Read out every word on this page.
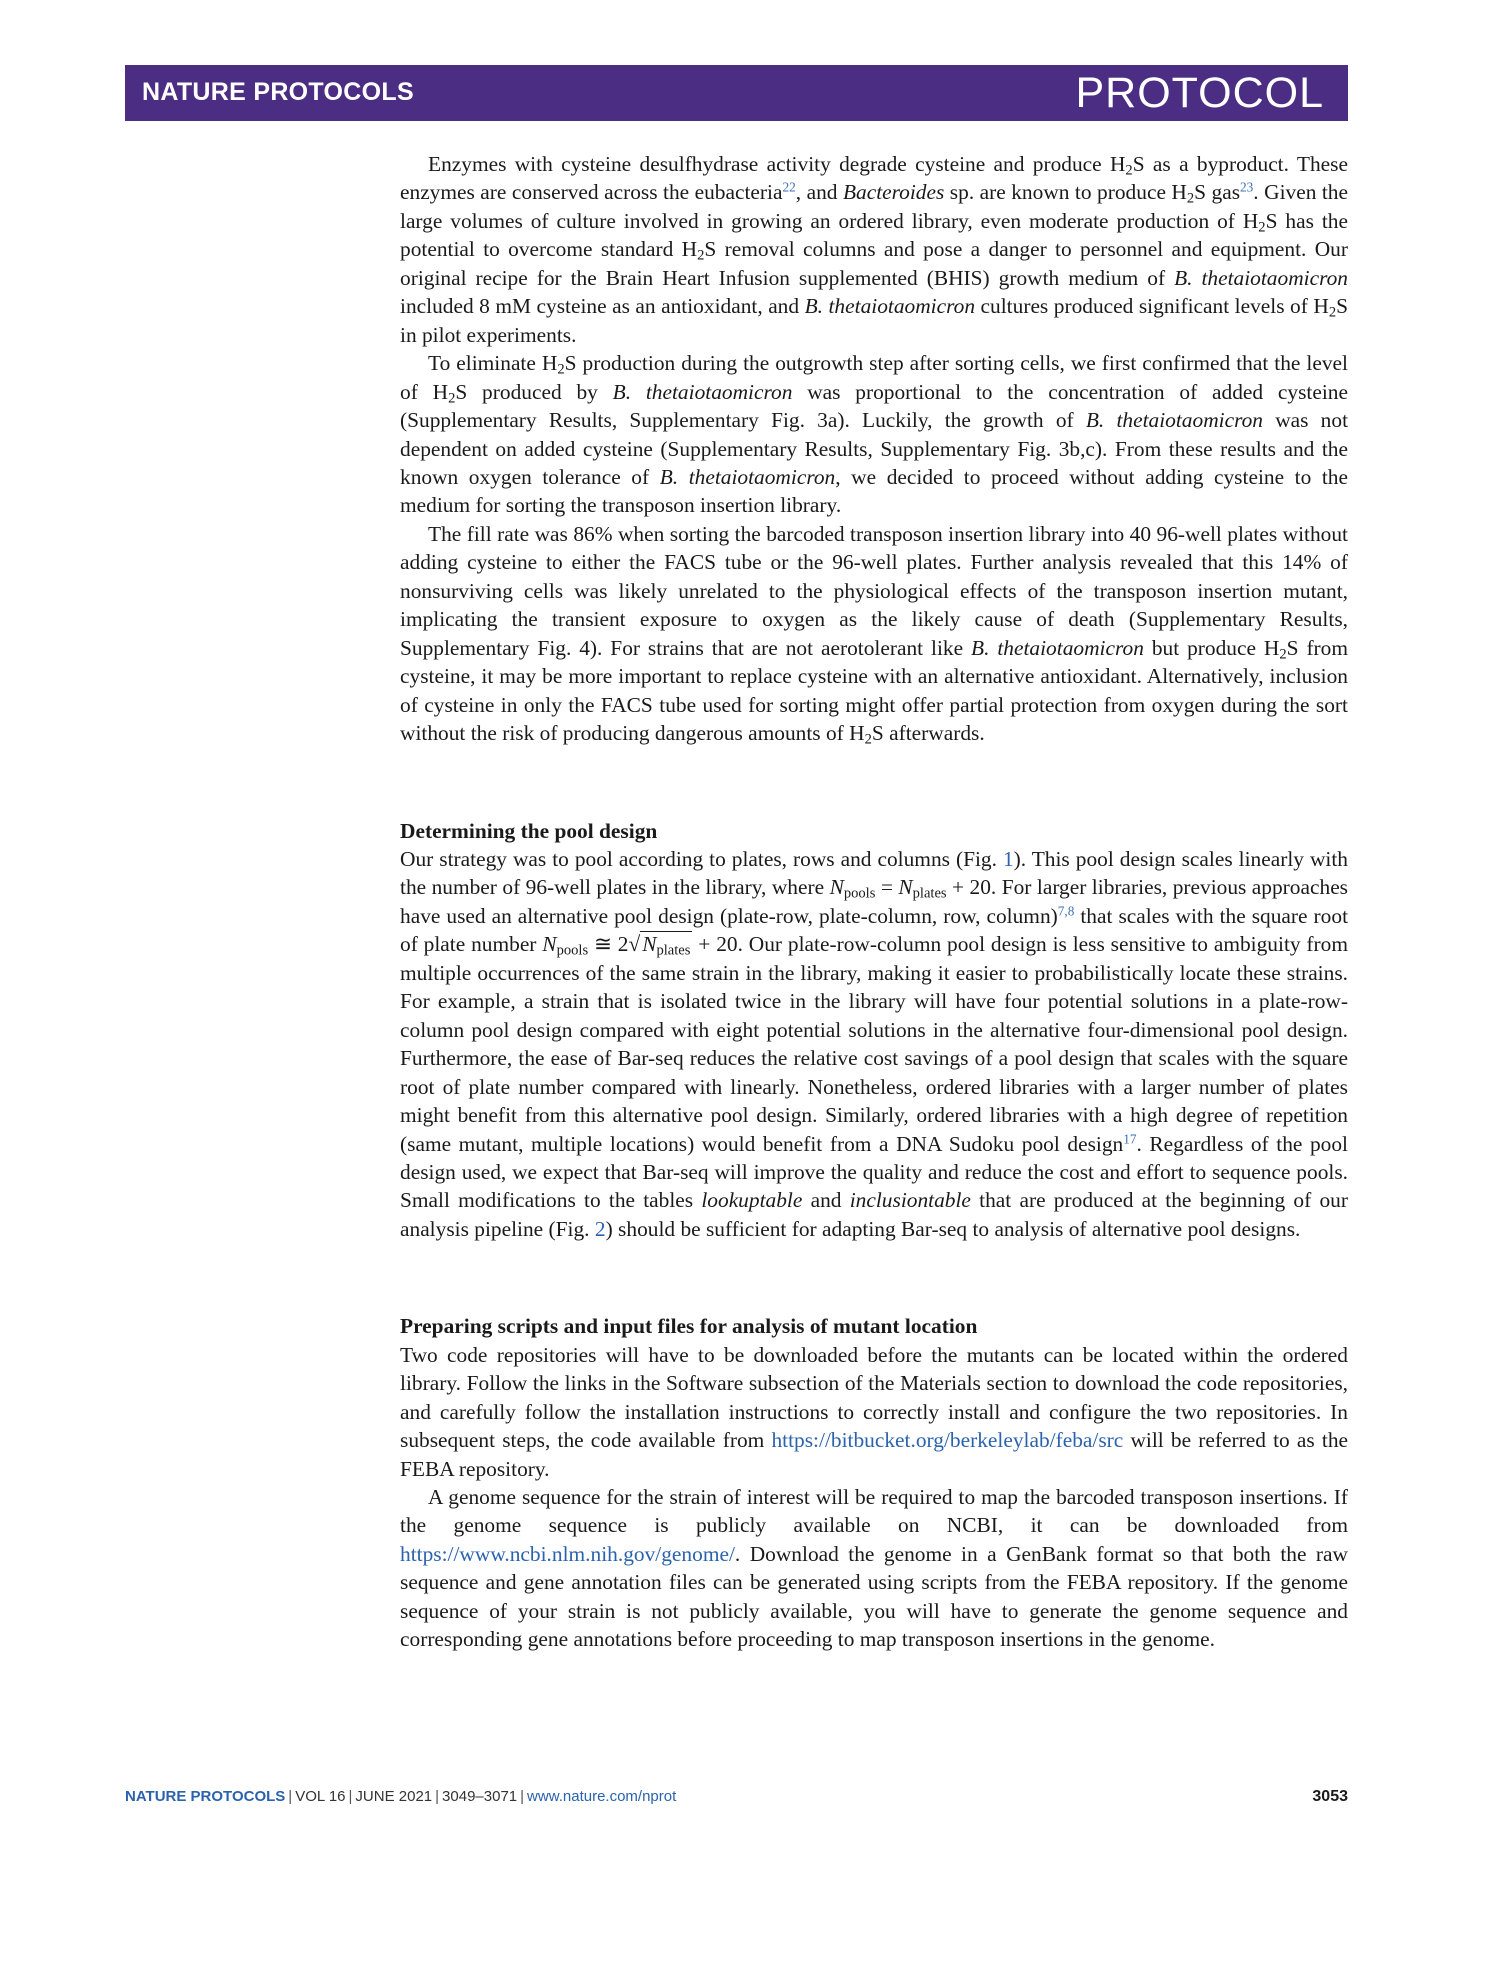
NATURE PROTOCOLS	PROTOCOL

Enzymes with cysteine desulfhydrase activity degrade cysteine and produce $H_2S$ as a byproduct. These enzymes are conserved across the eubacteria$^{22}$, and Bacteroides sp. are known to produce $H_2S$ gas$^{23}$. Given the large volumes of culture involved in growing an ordered library, even moderate production of $H_2S$ has the potential to overcome standard $H_2S$ removal columns and pose a danger to personnel and equipment. Our original recipe for the Brain Heart Infusion supplemented (BHIS) growth medium of B. thetaiotaomicron included 8 mM cysteine as an antioxidant, and B. thetaiotaomicron cultures produced significant levels of $H_2S$ in pilot experiments.

To eliminate $H_2S$ production during the outgrowth step after sorting cells, we first confirmed that the level of $H_2S$ produced by B. thetaiotaomicron was proportional to the concentration of added cysteine (Supplementary Results, Supplementary Fig. 3a). Luckily, the growth of B. thetaiotaomicron was not dependent on added cysteine (Supplementary Results, Supplementary Fig. 3b,c). From these results and the known oxygen tolerance of B. thetaiotaomicron, we decided to proceed without adding cysteine to the medium for sorting the transposon insertion library.

The fill rate was 86% when sorting the barcoded transposon insertion library into 40 96-well plates without adding cysteine to either the FACS tube or the 96-well plates. Further analysis revealed that this 14% of nonsurviving cells was likely unrelated to the physiological effects of the transposon insertion mutant, implicating the transient exposure to oxygen as the likely cause of death (Supplementary Results, Supplementary Fig. 4). For strains that are not aerotolerant like B. thetaiotaomicron but produce $H_2S$ from cysteine, it may be more important to replace cysteine with an alternative antioxidant. Alternatively, inclusion of cysteine in only the FACS tube used for sorting might offer partial protection from oxygen during the sort without the risk of producing dangerous amounts of $H_2S$ afterwards.

Determining the pool design

Our strategy was to pool according to plates, rows and columns (Fig. 1). This pool design scales linearly with the number of 96-well plates in the library, where $N_{pools} = N_{plates} + 20$. For larger libraries, previous approaches have used an alternative pool design (plate-row, plate-column, row, column)$^{7,8}$ that scales with the square root of plate number $N_{pools}$ ≅ $2√N_{plates} + 20$. Our plate-row-column pool design is less sensitive to ambiguity from multiple occurrences of the same strain in the library, making it easier to probabilistically locate these strains. For example, a strain that is isolated twice in the library will have four potential solutions in a plate-row-column pool design compared with eight potential solutions in the alternative four-dimensional pool design. Furthermore, the ease of Bar-seq reduces the relative cost savings of a pool design that scales with the square root of plate number compared with linearly. Nonetheless, ordered libraries with a larger number of plates might benefit from this alternative pool design. Similarly, ordered libraries with a high degree of repetition (same mutant, multiple locations) would benefit from a DNA Sudoku pool design$^{17}$. Regardless of the pool design used, we expect that Bar-seq will improve the quality and reduce the cost and effort to sequence pools. Small modifications to the tables lookuptable and inclusiontable that are produced at the beginning of our analysis pipeline (Fig. 2) should be sufficient for adapting Bar-seq to analysis of alternative pool designs.

Preparing scripts and input files for analysis of mutant location

Two code repositories will have to be downloaded before the mutants can be located within the ordered library. Follow the links in the Software subsection of the Materials section to download the code repositories, and carefully follow the installation instructions to correctly install and configure the two repositories. In subsequent steps, the code available from https://bitbucket.org/berkeleylab/feba/src will be referred to as the FEBA repository.

A genome sequence for the strain of interest will be required to map the barcoded transposon insertions. If the genome sequence is publicly available on NCBI, it can be downloaded from https://www.ncbi.nlm.nih.gov/genome/. Download the genome in a GenBank format so that both the raw sequence and gene annotation files can be generated using scripts from the FEBA repository. If the genome sequence of your strain is not publicly available, you will have to generate the genome sequence and corresponding gene annotations before proceeding to map transposon insertions in the genome.

NATURE PROTOCOLS | VOL 16 | JUNE 2021 | 3049–3071 | www.nature.com/nprot	3053
